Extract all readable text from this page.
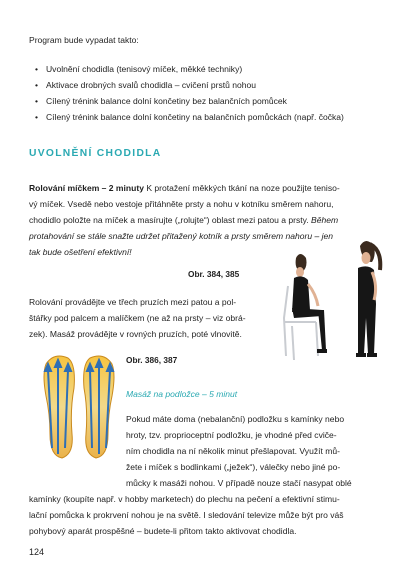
Program bude vypadat takto:
• Uvolnění chodidla (tenisový míček, měkké techniky)
• Aktivace drobných svalů chodidla – cvičení prstů nohou
• Cílený trénink balance dolní končetiny bez balančních pomůcek
• Cílený trénink balance dolní končetiny na balančních pomůckách (např. čočka)
UVOLNĚNÍ CHODIDLA
Rolování míčkem – 2 minuty K protažení měkkých tkání na noze použijte teniso-
vý míček. Vsedě nebo vestoje přitáhněte prsty a nohu v kotníku směrem nahoru,
chodidlo položte na míček a masírujte („rolujte“) oblast mezi patou a prsty. Během
protahování se stále snažte udržet přitažený kotník a prsty směrem nahoru – jen
tak bude ošetření efektivní!
Obr. 384, 385
Rolování provádějte ve třech pruzích mezi patou a pol-
štářky pod palcem a malíčkem (ne až na prsty – viz obrá-
zek). Masáž provádějte v rovných pruzích, poté vlnovitě.
Obr. 386, 387
Masáž na podložce – 5 minut
Pokud máte doma (nebalanční) podložku s kamínky nebo
hroty, tzv. proprioceptní podložku, je vhodné před cviče-
ním chodidla na ní několik minut přešlapovat. Využít mů-
žete i míček s bodlinkami („ježek“), válečky nebo jiné po-
můcky k masáži nohou. V případě nouze stačí nasypat oblé
kamínky (koupíte např. v hobby marketech) do plechu na pečení a efektivní stimu-
lační pomůcka k prokrvení nohou je na světě. I sledování televize může být pro váš
pohybový aparát prospěšné – budete-li přitom takto aktivovat chodidla.
124
